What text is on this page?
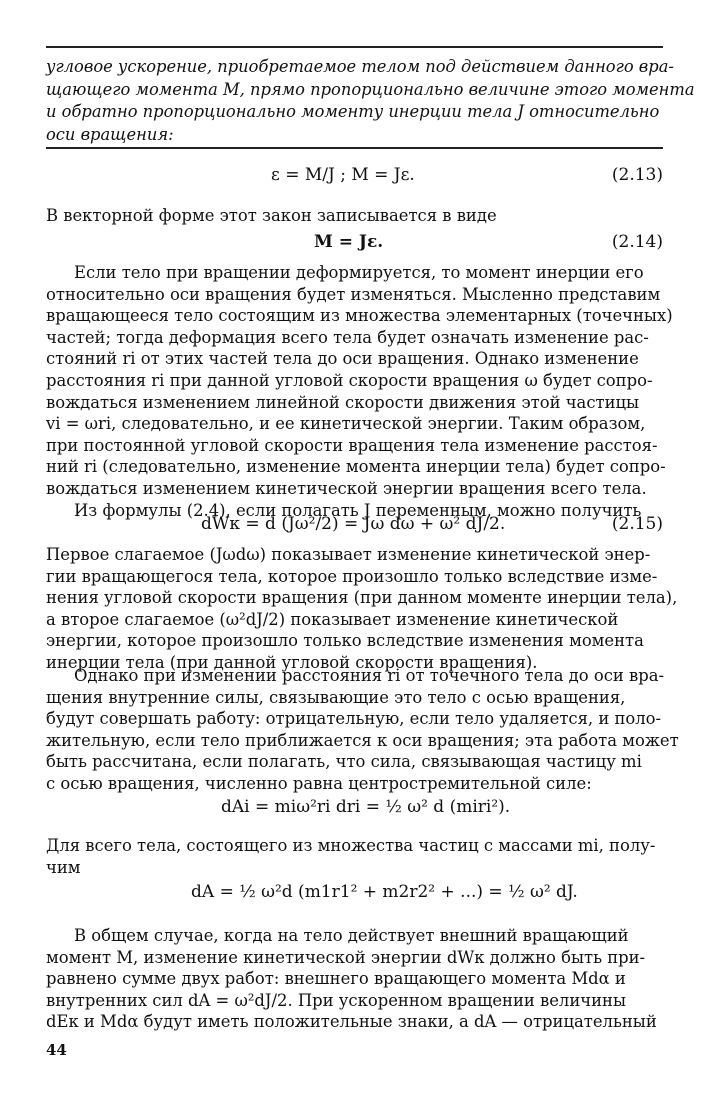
угловое ускорение, приобретаемое телом под действием данного вра-
щающего момента M, прямо пропорционально величине этого момента
и обратно пропорционально моменту инерции тела J относительно
оси вращения:
ε = M/J ; M = Jε.	(2.13)
В векторной форме этот закон записывается в виде
M = Jε.	(2.14)
Если тело при вращении деформируется, то момент инерции его
относительно оси вращения будет изменяться. Мысленно представим
вращающееся тело состоящим из множества элементарных (точечных)
частей; тогда деформация всего тела будет означать изменение рас-
стояний ri от этих частей тела до оси вращения. Однако изменение
расстояния ri при данной угловой скорости вращения ω будет сопро-
вождаться изменением линейной скорости движения этой частицы
vi = ωri, следовательно, и ее кинетической энергии. Таким образом,
при постоянной угловой скорости вращения тела изменение расстоя-
ний ri (следовательно, изменение момента инерции тела) будет сопро-
вождаться изменением кинетической энергии вращения всего тела.
Из формулы (2.4), если полагать J переменным, можно получить
dWк = d (Jω²/2) = Jω dω + ω² dJ/2.	(2.15)
Первое слагаемое (Jωdω) показывает изменение кинетической энер-
гии вращающегося тела, которое произошло только вследствие изме-
нения угловой скорости вращения (при данном моменте инерции тела),
а второе слагаемое (ω²dJ/2) показывает изменение кинетической
энергии, которое произошло только вследствие изменения момента
инерции тела (при данной угловой скорости вращения).
Однако при изменении расстояния ri от точечного тела до оси вра-
щения внутренние силы, связывающие это тело с осью вращения,
будут совершать работу: отрицательную, если тело удаляется, и поло-
жительную, если тело приближается к оси вращения; эта работа может
быть рассчитана, если полагать, что сила, связывающая частицу mi
с осью вращения, численно равна центростремительной силе:
dAi = miω²ri dri = ½ ω² d (miri²).
Для всего тела, состоящего из множества частиц с массами mi, полу-
чим
dA = ½ ω²d (m1r1² + m2r2² + ...) = ½ ω² dJ.
В общем случае, когда на тело действует внешний вращающий
момент M, изменение кинетической энергии dWк должно быть при-
равнено сумме двух работ: внешнего вращающего момента Mdα и
внутренних сил dA = ω²dJ/2. При ускоренном вращении величины
dEк и Mdα будут иметь положительные знаки, а dA — отрицательный
44
